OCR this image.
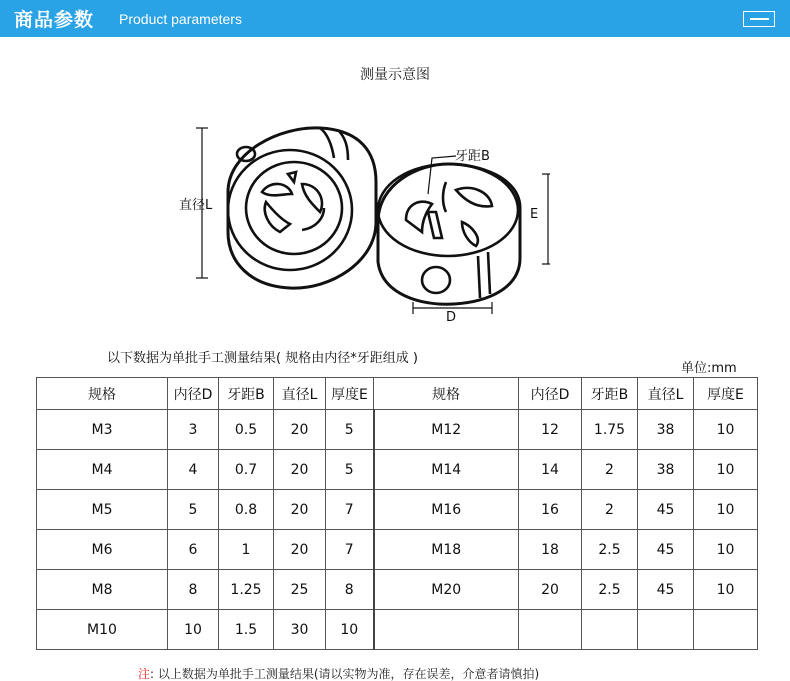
商品参数 Product parameters
测量示意图
直径L
牙距B
E
D
以下数据为单批手工测量结果( 规格由内径*牙距组成 )
单位:mm
规格	内径D	牙距B	直径L	厚度E	规格	内径D	牙距B	直径L	厚度E
M3	3	0.5	20	5	M12	12	1.75	38	10
M4	4	0.7	20	5	M14	14	2	38	10
M5	5	0.8	20	7	M16	16	2	45	10
M6	6	1	20	7	M18	18	2.5	45	10
M8	8	1.25	25	8	M20	20	2.5	45	10
M10	10	1.5	30	10					
注: 以上数据为单批手工测量结果(请以实物为准，存在误差，介意者请慎拍)
